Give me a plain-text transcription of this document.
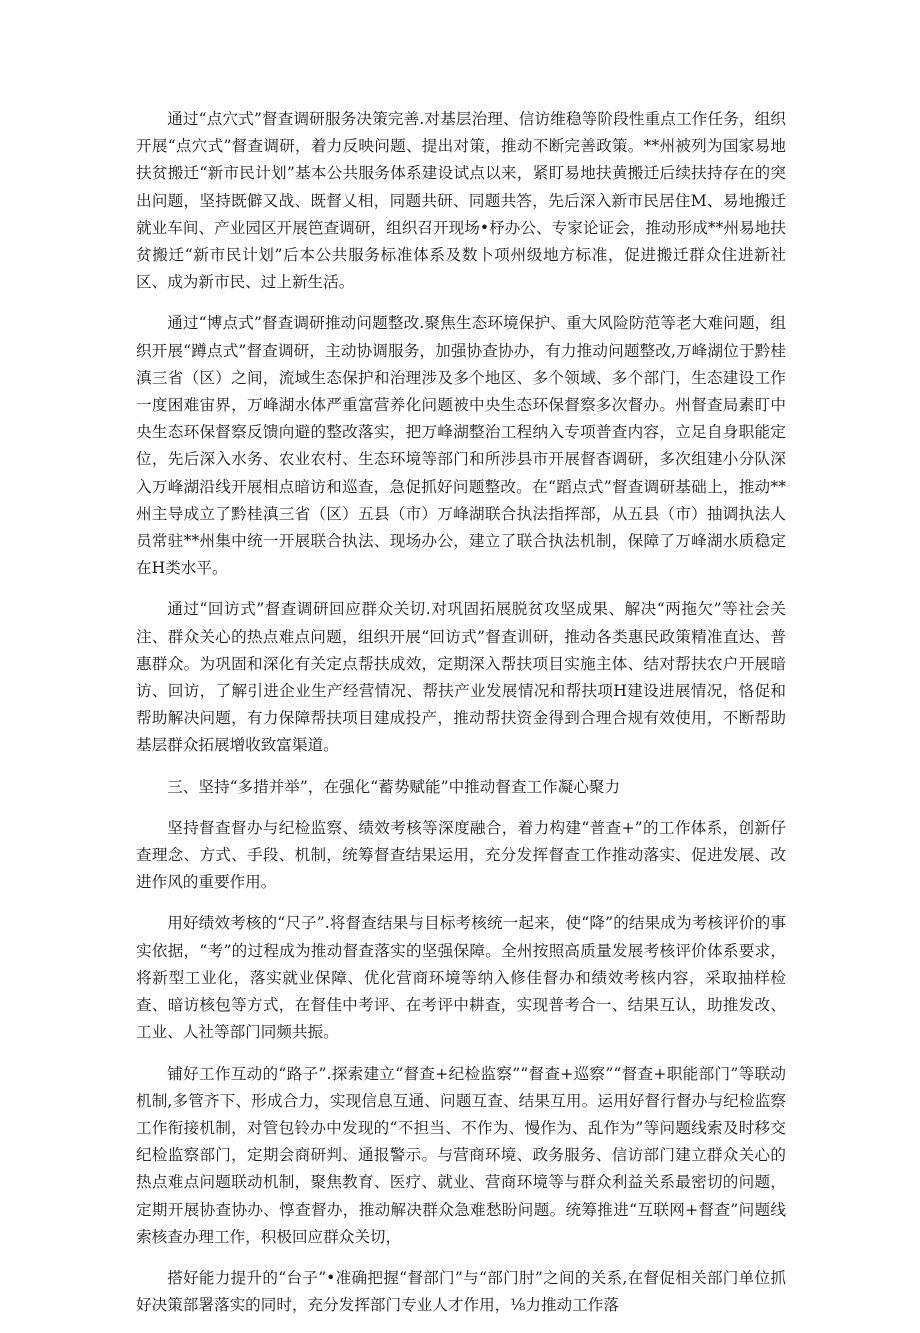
通过“点穴式”督查调研服务决策完善.对基层治理、信访维稳等阶段性重点工作任务，组织开展“点穴式”督查调研，着力反映问题、提出对策，推动不断完善政策。**州被列为国家易地扶贫搬迁“新市民计划”基本公共服务体系建设试点以来，紧盯易地扶黄搬迁后续扶持存在的突出问题，坚持既僻又战、既督乂相，同题共研、同题共答，先后深入新市民居住M、易地搬迁就业车间、产业园区开展笆查调研，组织召开现场•杼办公、专家论证会，推动形成**州易地扶贫搬迁“新市民计划”后本公共服务标准体系及数卜项州级地方标准，促进搬迁群众住进新社区、成为新市民、过上新生活。

通过“博点式”督查调研推动问题整改.聚焦生态环境保护、重大风险防范等老大难问题，组织开展“蹲点式”督查调研，主动协调服务，加强协查协办，有力推动问题整改,万峰湖位于黔桂滇三省（区）之间，流域生态保护和治理涉及多个地区、多个领域、多个部门，生态建设工作一度困难宙界，万峰湖水体严重富营养化问题被中央生态环保督察多次督办。州督查局素盯中央生态环保督察反馈向避的整改落实，把万峰湖整治工程纳入专项普查内容，立足自身职能定位，先后深入水务、农业农村、生态环境等部门和所涉县市开展督杳调研，多次组建小分队深入万峰湖沿线开展相点暗访和巡查，急促抓好问题整改。在“蹈点式”督查调研基础上，推动**州主导成立了黔桂滇三省（区）五县（市）万峰湖联合执法指挥部，从五县（市）抽调执法人员常驻**州集中统一开展联合执法、现场办公，建立了联合执法机制，保障了万峰湖水质稳定在H类水平。

通过“回访式”督查调研回应群众关切.对巩固拓展脱贫攻坚成果、解决“两拖欠”等社会关注、群众关心的热点难点问题，组织开展“回访式”督查训研，推动各类惠民政策精准直达、普惠群众。为巩固和深化有关定点帮扶成效，定期深入帮扶项目实施主体、结对帮扶农户开展暗访、回访，了解引进企业生产经营情况、帮扶产业发展情况和帮扶项H建设进展情况，恪促和帮助解决问题，有力保障帮扶项目建成投产，推动帮扶资金得到合理合规有效使用，不断帮助基层群众拓展增收致富渠道。

三、坚持“多措并举”，在强化“蓄势赋能”中推动督查工作凝心聚力

坚持督查督办与纪检监察、绩效考核等深度融合，着力构建“普查+”的工作体系，创新仔查理念、方式、手段、机制，统筹督查结果运用，充分发挥督查工作推动落实、促进发展、改进作风的重要作用。

用好绩效考核的“尺子”.将督查结果与目标考核统一起来，使“降”的结果成为考核评价的事实依据，“考”的过程成为推动督查落实的坚强保障。全州按照高质量发展考核评价体系要求，将新型工业化，落实就业保障、优化营商环境等纳入修佳督办和绩效考核内容，采取抽样检查、暗访核包等方式，在督佳中考评、在考评中耕查，实现普考合一、结果互认，助推发改、工业、人社等部门同频共振。

铺好工作互动的“路子”.探索建立“督查+纪检监察”“督查+巡察”“督查+职能部门”等联动机制,多管齐下、形成合力，实现信息互通、问题互查、结果互用。运用好督行督办与纪检监察工作衔接机制，对管包铃办中发现的“不担当、不作为、慢作为、乱作为”等问题线索及时移交纪检监察部门，定期会商研判、通报警示。与营商环境、政务服务、信访部门建立群众关心的热点难点问题联动机制，聚焦教育、医疗、就业、营商环境等与群众利益关系最密切的问题，定期开展协查协办、惇查督办，推动解决群众急难愁盼问题。统筹推进“互联网+督查”问题线索核查办理工作，积极回应群众关切，

搭好能力提升的“台子”•准确把握“督部门”与“部门肘”之间的关系,在督促相关部门单位抓好决策部署落实的同时，充分发挥部门专业人才作用，⅛力推动工作落
